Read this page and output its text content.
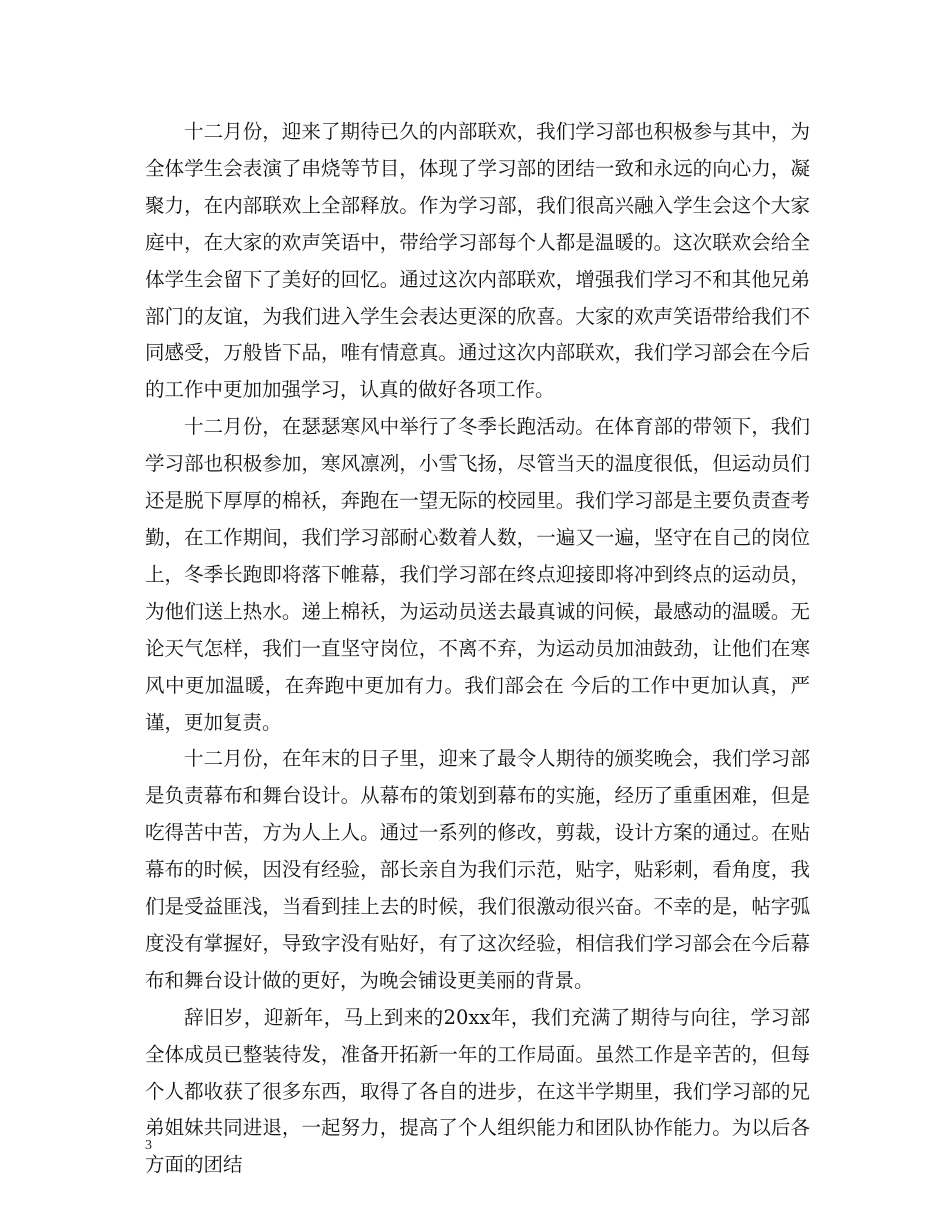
十二月份，迎来了期待已久的内部联欢，我们学习部也积极参与其中，为全体学生会表演了串烧等节目，体现了学习部的团结一致和永远的向心力，凝聚力，在内部联欢上全部释放。作为学习部，我们很高兴融入学生会这个大家庭中，在大家的欢声笑语中，带给学习部每个人都是温暖的。这次联欢会给全体学生会留下了美好的回忆。通过这次内部联欢，增强我们学习不和其他兄弟部门的友谊，为我们进入学生会表达更深的欣喜。大家的欢声笑语带给我们不同感受，万般皆下品，唯有情意真。通过这次内部联欢，我们学习部会在今后的工作中更加加强学习，认真的做好各项工作。

十二月份，在瑟瑟寒风中举行了冬季长跑活动。在体育部的带领下，我们学习部也积极参加，寒风凛冽，小雪飞扬，尽管当天的温度很低，但运动员们还是脱下厚厚的棉袄，奔跑在一望无际的校园里。我们学习部是主要负责查考勤，在工作期间，我们学习部耐心数着人数，一遍又一遍，坚守在自己的岗位上，冬季长跑即将落下帷幕，我们学习部在终点迎接即将冲到终点的运动员，为他们送上热水。递上棉袄，为运动员送去最真诚的问候，最感动的温暖。无论天气怎样，我们一直坚守岗位，不离不弃，为运动员加油鼓劲，让他们在寒风中更加温暖，在奔跑中更加有力。我们部会在 今后的工作中更加认真，严谨，更加复责。

十二月份，在年末的日子里，迎来了最令人期待的颁奖晚会，我们学习部是负责幕布和舞台设计。从幕布的策划到幕布的实施，经历了重重困难，但是吃得苦中苦，方为人上人。通过一系列的修改，剪裁，设计方案的通过。在贴幕布的时候，因没有经验，部长亲自为我们示范，贴字，贴彩刺，看角度，我们是受益匪浅，当看到挂上去的时候，我们很激动很兴奋。不幸的是，帖字弧度没有掌握好，导致字没有贴好，有了这次经验，相信我们学习部会在今后幕布和舞台设计做的更好，为晚会铺设更美丽的背景。

辞旧岁，迎新年，马上到来的20xx年，我们充满了期待与向往，学习部全体成员已整装待发，准备开拓新一年的工作局面。虽然工作是辛苦的，但每个人都收获了很多东西，取得了各自的进步，在这半学期里，我们学习部的兄弟姐妹共同进退，一起努力，提高了个人组织能力和团队协作能力。为以后各方面的团结

3
